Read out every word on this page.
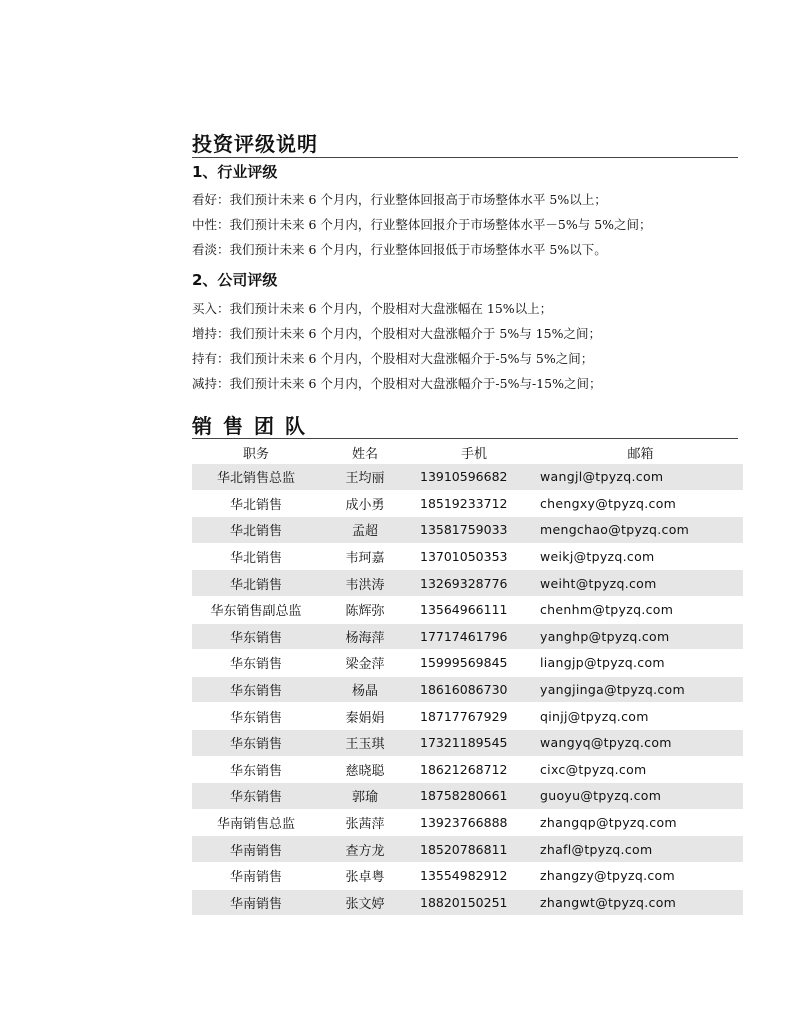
投资评级说明
1、行业评级
看好：我们预计未来 6 个月内，行业整体回报高于市场整体水平 5%以上；
中性：我们预计未来 6 个月内，行业整体回报介于市场整体水平－5%与 5%之间；
看淡：我们预计未来 6 个月内，行业整体回报低于市场整体水平 5%以下。
2、公司评级
买入：我们预计未来 6 个月内，个股相对大盘涨幅在 15%以上；
增持：我们预计未来 6 个月内，个股相对大盘涨幅介于 5%与 15%之间；
持有：我们预计未来 6 个月内，个股相对大盘涨幅介于-5%与 5%之间；
减持：我们预计未来 6 个月内，个股相对大盘涨幅介于-5%与-15%之间；
销售团队
职务	姓名	手机	邮箱
华北销售总监	王均丽	13910596682	wangjl@tpyzq.com
华北销售	成小勇	18519233712	chengxy@tpyzq.com
华北销售	孟超	13581759033	mengchao@tpyzq.com
华北销售	韦珂嘉	13701050353	weikj@tpyzq.com
华北销售	韦洪涛	13269328776	weiht@tpyzq.com
华东销售副总监	陈辉弥	13564966111	chenhm@tpyzq.com
华东销售	杨海萍	17717461796	yanghp@tpyzq.com
华东销售	梁金萍	15999569845	liangjp@tpyzq.com
华东销售	杨晶	18616086730	yangjinga@tpyzq.com
华东销售	秦娟娟	18717767929	qinjj@tpyzq.com
华东销售	王玉琪	17321189545	wangyq@tpyzq.com
华东销售	慈晓聪	18621268712	cixc@tpyzq.com
华东销售	郭瑜	18758280661	guoyu@tpyzq.com
华南销售总监	张茜萍	13923766888	zhangqp@tpyzq.com
华南销售	查方龙	18520786811	zhafl@tpyzq.com
华南销售	张卓粤	13554982912	zhangzy@tpyzq.com
华南销售	张文婷	18820150251	zhangwt@tpyzq.com
